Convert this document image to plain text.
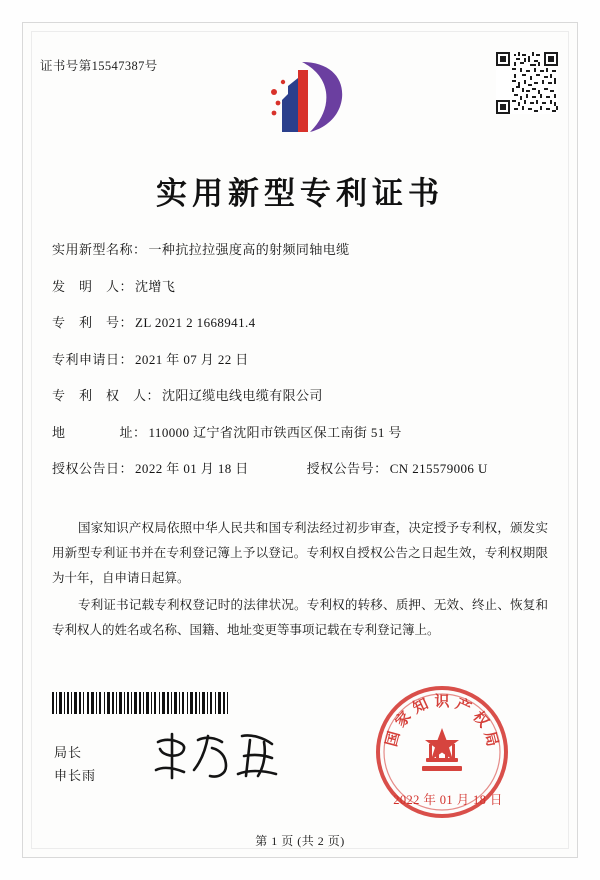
证书号第15547387号
实用新型专利证书
实用新型名称： 一种抗拉拉强度高的射频同轴电缆
发　明　人： 沈增飞
专　利　号： ZL 2021 2 1668941.4
专利申请日： 2021 年 07 月 22 日
专　利　权　人： 沈阳辽缆电线电缆有限公司
地　　　　址： 110000 辽宁省沈阳市铁西区保工南街 51 号
授权公告日： 2022 年 01 月 18 日	授权公告号： CN 215579006 U

国家知识产权局依照中华人民共和国专利法经过初步审查，决定授予专利权，颁发实用新型专利证书并在专利登记簿上予以登记。专利权自授权公告之日起生效，专利权期限为十年，自申请日起算。

专利证书记载专利权登记时的法律状况。专利权的转移、质押、无效、终止、恢复和专利权人的姓名或名称、国籍、地址变更等事项记载在专利登记簿上。

局长
申长雨
国
家
知 识 产
权
局
2022 年 01 月 18 日
第 1 页 (共 2 页)
